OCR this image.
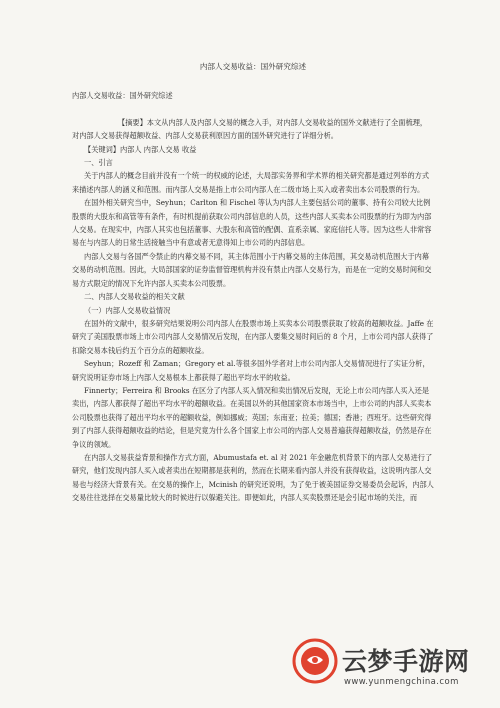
内部人交易收益：国外研究综述
内部人交易收益：国外研究综述

【摘要】本文从内部人及内部人交易的概念入手，对内部人交易收益的国外文献进行了全面梳理，对内部人交易获得超额收益、内部人交易获利原因方面的国外研究进行了详细分析。

【关键词】内部人 内部人交易 收益

一、引言

关于内部人的概念目前并没有一个统一的权威的论述，大局部实务界和学术界的相关研究都是通过列举的方式来描述内部人的涵义和范围。而内部人交易是指上市公司内部人在二级市场上买入或者卖出本公司股票的行为。

在国外相关研究当中，Seyhun；Carlton 和 Fischel 等认为内部人主要包括公司的董事、持有公司较大比例股票的大股东和高管等有条件，有时机提前获取公司内部信息的人员，这些内部人买卖本公司股票的行为即为内部人交易。在现实中，内部人其实也包括董事、大股东和高管的配偶、直系亲属、家庭信托人等。因为这些人非常容易在与内部人的日常生活接触当中有意或者无意得知上市公司的内部信息。

内部人交易与各国严令禁止的内幕交易不同，其主体范围小于内幕交易的主体范围，其交易动机范围大于内幕交易的动机范围。因此，大局部国家的证券监督管理机构并没有禁止内部人交易行为，而是在一定的交易时间和交易方式限定的情况下允许内部人买卖本公司股票。

二、内部人交易收益的相关文献
（一）内部人交易收益情况

在国外的文献中，很多研究结果说明公司内部人在股票市场上买卖本公司股票获取了较高的超额收益。Jaffe 在研究了美国股票市场上市公司内部人交易情况后发现，在内部人要集交易时间后的 8 个月，上市公司内部人获得了扣除交易本钱后约五个百分点的超额收益。

Seyhun；Rozeff 和 Zaman；Gregory et al.等很多国外学者对上市公司内部人交易情况进行了实证分析，研究说明证券市场上内部人交易根本上都获得了超出平均水平的收益。

Finnerty；Ferreira 和 Brooks 在区分了内部人买入情况和卖出情况后发现，无论上市公司内部人买入还是卖出，内部人都获得了超出平均水平的超额收益。在美国以外的其他国家资本市场当中，上市公司的内部人买卖本公司股票也获得了超出平均水平的超额收益，例如挪威；英国；东南亚；拉美；德国；香港；西班牙。这些研究得到了内部人获得超额收益的结论，但是究竟为什么各个国家上市公司的内部人交易普遍获得超额收益，仍然是存在争议的领域。

在内部人交易获益背景和操作方式方面，Abumustafa et. al 对 2021 年金融危机背景下的内部人交易进行了研究，他们发现内部人买入或者卖出在短期都是获利的，然而在长期来看内部人并没有获得收益，这说明内部人交易也与经济大背景有关。在交易的操作上，Mcinish 的研究还说明，为了免于被美国证券交易委员会起诉，内部人交易往往选择在交易量比较大的时候进行以躲避关注。即便如此，内部人买卖股票还是会引起市场的关注，而

云梦手游网
www.yunmengchina.com
